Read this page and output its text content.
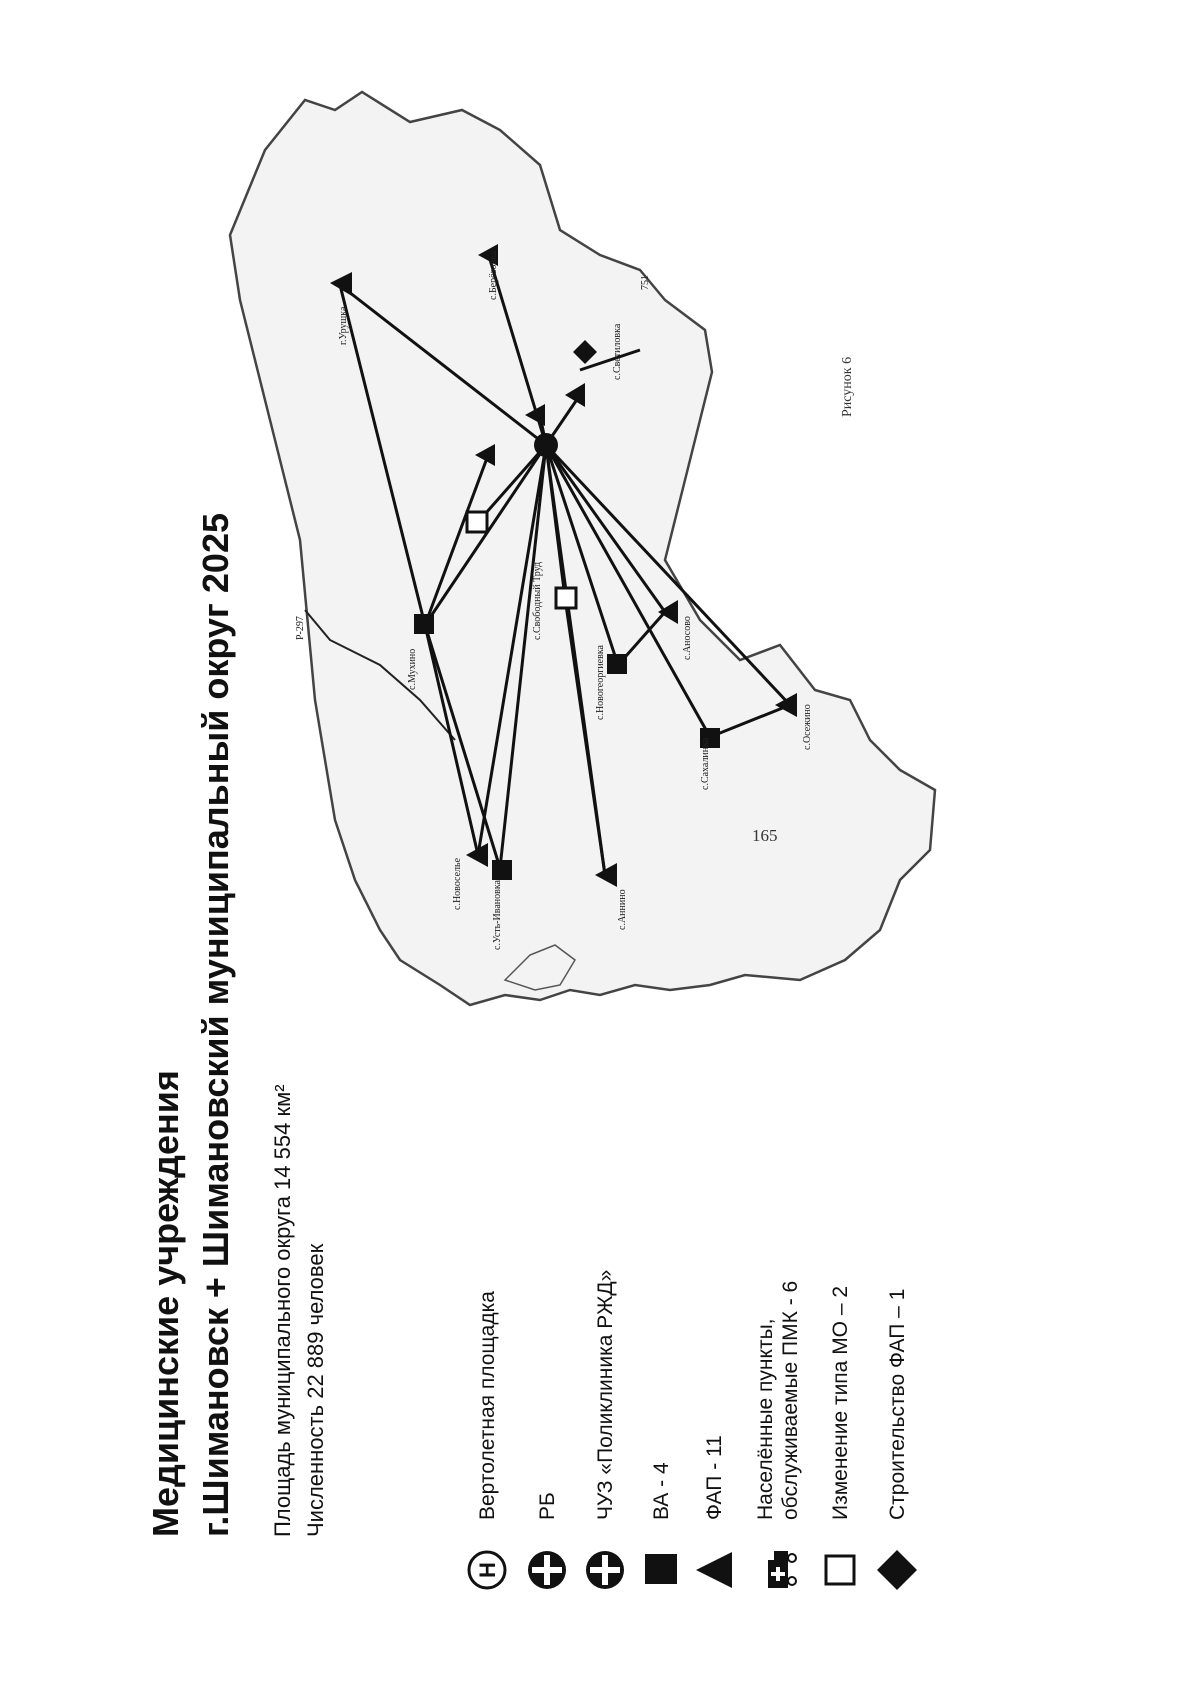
г.Урушка
с.Мухино
с.Берёзовка
с.Свободный Труд
с.Новогеоргиевка
с.Аносово
с.Сахалинка
с.Осежино
с.Новоселье	с.Усть-Ивановка	с.Аннино
с.Светиловка
Р-297
751
165
Медицинские учреждения г.Шимановск + Шимановский муниципальный округ 2025 Площадь муниципального округа 14 554 км² Численность 22 889 человек
H
Вертолетная площадка РБ ЧУЗ «Поликлиника РЖД» ВА - 4 ФАП - 11 Населённые пункты,
обслуживаемые ПМК - 6 Изменение типа МО – 2 Строительство ФАП – 1
Рисунок 6
